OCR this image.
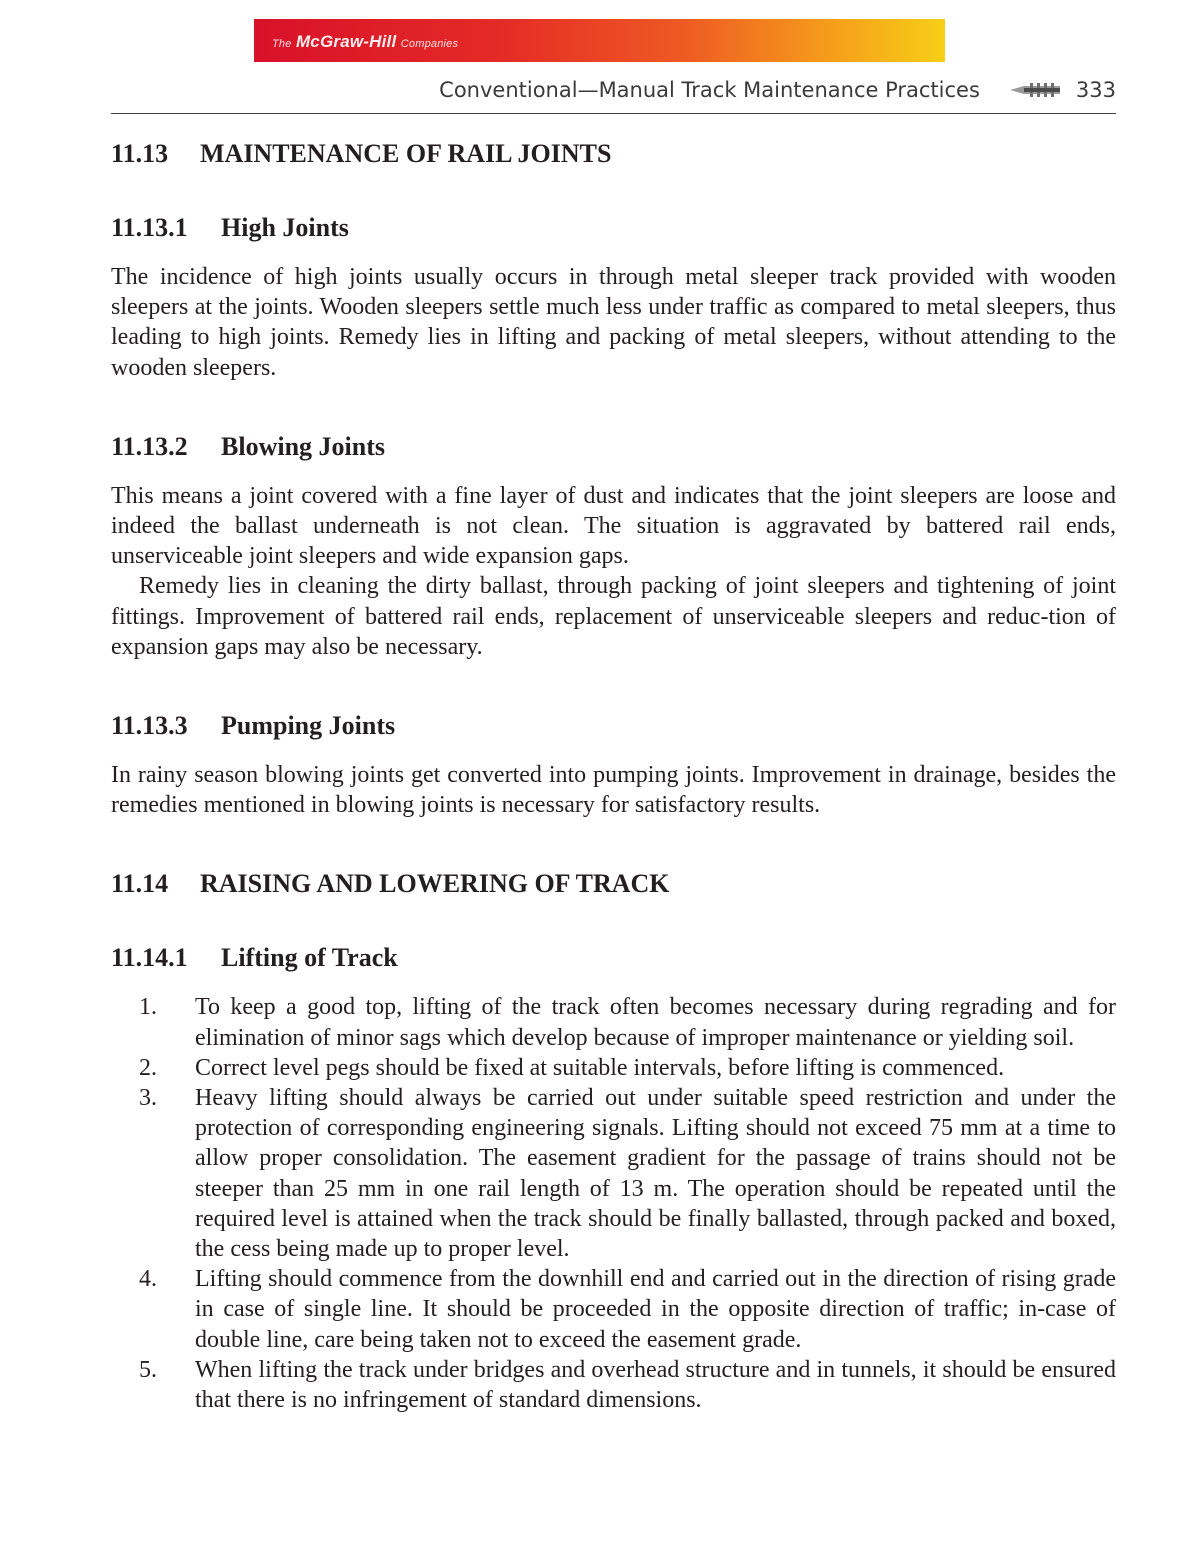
The McGraw-Hill Companies
Conventional—Manual Track Maintenance Practices	333
11.13 MAINTENANCE OF RAIL JOINTS
11.13.1 High Joints

The incidence of high joints usually occurs in through metal sleeper track provided with wooden sleepers at the joints. Wooden sleepers settle much less under traffic as compared to metal sleepers, thus leading to high joints. Remedy lies in lifting and packing of metal sleepers, without attending to the wooden sleepers.

11.13.2 Blowing Joints

This means a joint covered with a fine layer of dust and indicates that the joint sleepers are loose and indeed the ballast underneath is not clean. The situation is aggravated by battered rail ends, unserviceable joint sleepers and wide expansion gaps.

Remedy lies in cleaning the dirty ballast, through packing of joint sleepers and tightening of joint fittings. Improvement of battered rail ends, replacement of unserviceable sleepers and reduc-tion of expansion gaps may also be necessary.

11.13.3 Pumping Joints

In rainy season blowing joints get converted into pumping joints. Improvement in drainage, besides the remedies mentioned in blowing joints is necessary for satisfactory results.

11.14 RAISING AND LOWERING OF TRACK
11.14.1 Lifting of Track
1.	To keep a good top, lifting of the track often becomes necessary during regrading and for elimination of minor sags which develop because of improper maintenance or yielding soil.
2.	Correct level pegs should be fixed at suitable intervals, before lifting is commenced.
3.	Heavy lifting should always be carried out under suitable speed restriction and under the protection of corresponding engineering signals. Lifting should not exceed 75 mm at a time to allow proper consolidation. The easement gradient for the passage of trains should not be steeper than 25 mm in one rail length of 13 m. The operation should be repeated until the required level is attained when the track should be finally ballasted, through packed and boxed, the cess being made up to proper level.
4.	Lifting should commence from the downhill end and carried out in the direction of rising grade in case of single line. It should be proceeded in the opposite direction of traffic; in-case of double line, care being taken not to exceed the easement grade.
5.	When lifting the track under bridges and overhead structure and in tunnels, it should be ensured that there is no infringement of standard dimensions.
